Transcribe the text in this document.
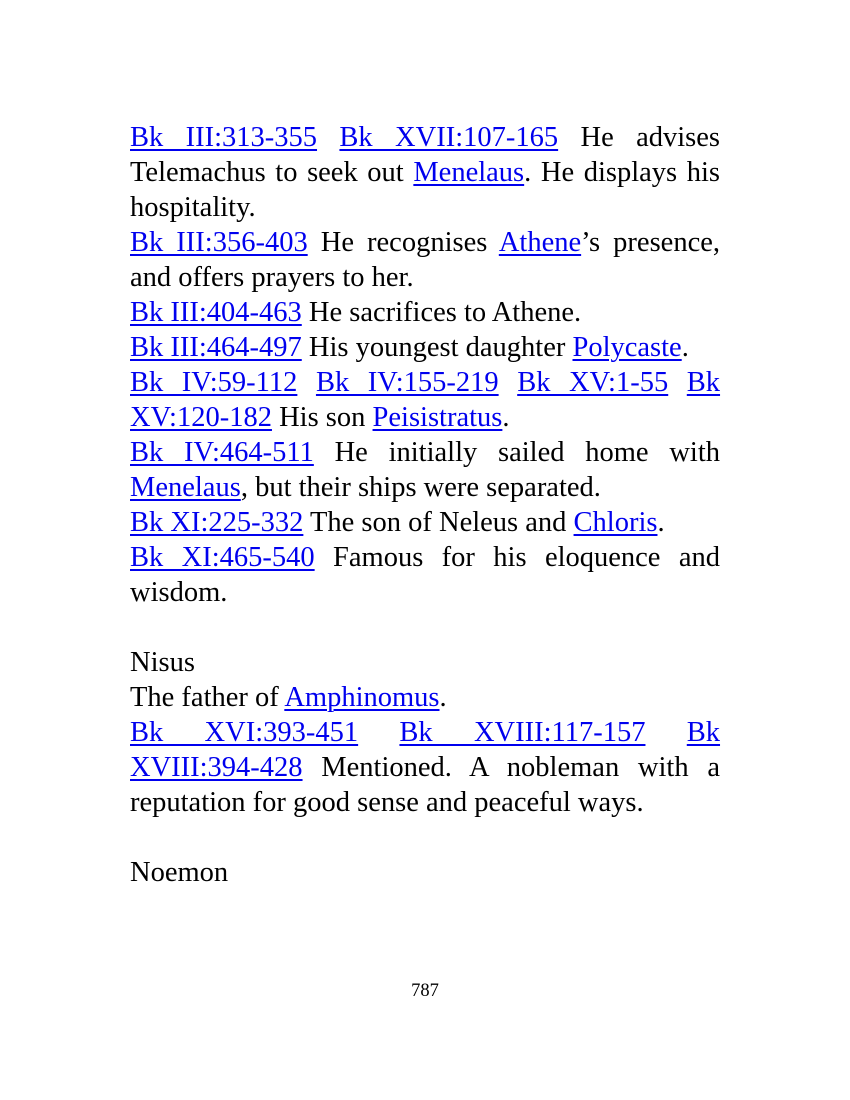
Bk III:313-355 Bk XVII:107-165 He advises Telemachus to seek out Menelaus. He displays his hospitality.

Bk III:356-403 He recognises Athene’s presence, and offers prayers to her.

Bk III:404-463 He sacrifices to Athene.

Bk III:464-497 His youngest daughter Polycaste.

Bk IV:59-112 Bk IV:155-219 Bk XV:1-55 Bk XV:120-182 His son Peisistratus.

Bk IV:464-511 He initially sailed home with Menelaus, but their ships were separated.

Bk XI:225-332 The son of Neleus and Chloris.

Bk XI:465-540 Famous for his eloquence and wisdom.

Nisus

The father of Amphinomus.

Bk XVI:393-451 Bk XVIII:117-157 Bk XVIII:394-428 Mentioned. A nobleman with a reputation for good sense and peaceful ways.

Noemon

787
